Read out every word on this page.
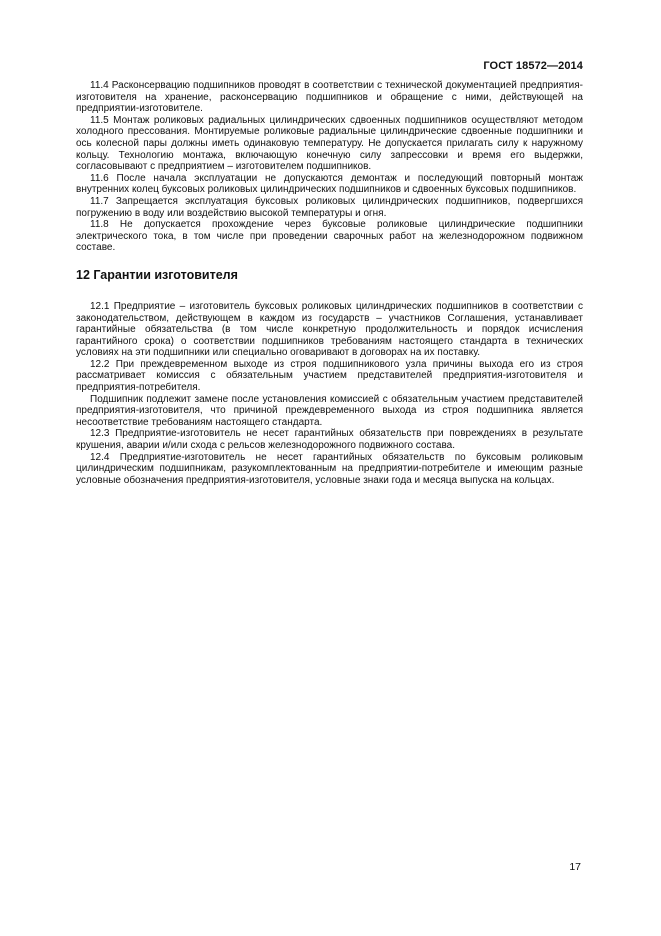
ГОСТ 18572—2014

11.4 Расконсервацию подшипников проводят в соответствии с технической документацией предприятия-изготовителя на хранение, расконсервацию подшипников и обращение с ними, действующей на предприятии-изготовителе.

11.5 Монтаж роликовых радиальных цилиндрических сдвоенных подшипников осуществляют методом холодного прессования. Монтируемые роликовые радиальные цилиндрические сдвоенные подшипники и ось колесной пары должны иметь одинаковую температуру. Не допускается прилагать силу к наружному кольцу. Технологию монтажа, включающую конечную силу запрессовки и время его выдержки, согласовывают с предприятием – изготовителем подшипников.

11.6 После начала эксплуатации не допускаются демонтаж и последующий повторный монтаж внутренних колец буксовых роликовых цилиндрических подшипников и сдвоенных буксовых подшипников.

11.7 Запрещается эксплуатация буксовых роликовых цилиндрических подшипников, подвергшихся погружению в воду или воздействию высокой температуры и огня.

11.8 Не допускается прохождение через буксовые роликовые цилиндрические подшипники электрического тока, в том числе при проведении сварочных работ на железнодорожном подвижном составе.

12 Гарантии изготовителя

12.1 Предприятие – изготовитель буксовых роликовых цилиндрических подшипников в соответствии с законодательством, действующем в каждом из государств – участников Соглашения, устанавливает гарантийные обязательства (в том числе конкретную продолжительность и порядок исчисления гарантийного срока) о соответствии подшипников требованиям настоящего стандарта в технических условиях на эти подшипники или специально оговаривают в договорах на их поставку.

12.2 При преждевременном выходе из строя подшипникового узла причины выхода его из строя рассматривает комиссия с обязательным участием представителей предприятия-изготовителя и предприятия-потребителя.

Подшипник подлежит замене после установления комиссией с обязательным участием представителей предприятия-изготовителя, что причиной преждевременного выхода из строя подшипника является несоответствие требованиям настоящего стандарта.

12.3 Предприятие-изготовитель не несет гарантийных обязательств при повреждениях в результате крушения, аварии и/или схода с рельсов железнодорожного подвижного состава.

12.4 Предприятие-изготовитель не несет гарантийных обязательств по буксовым роликовым цилиндрическим подшипникам, разукомплектованным на предприятии-потребителе и имеющим разные условные обозначения предприятия-изготовителя, условные знаки года и месяца выпуска на кольцах.

17
